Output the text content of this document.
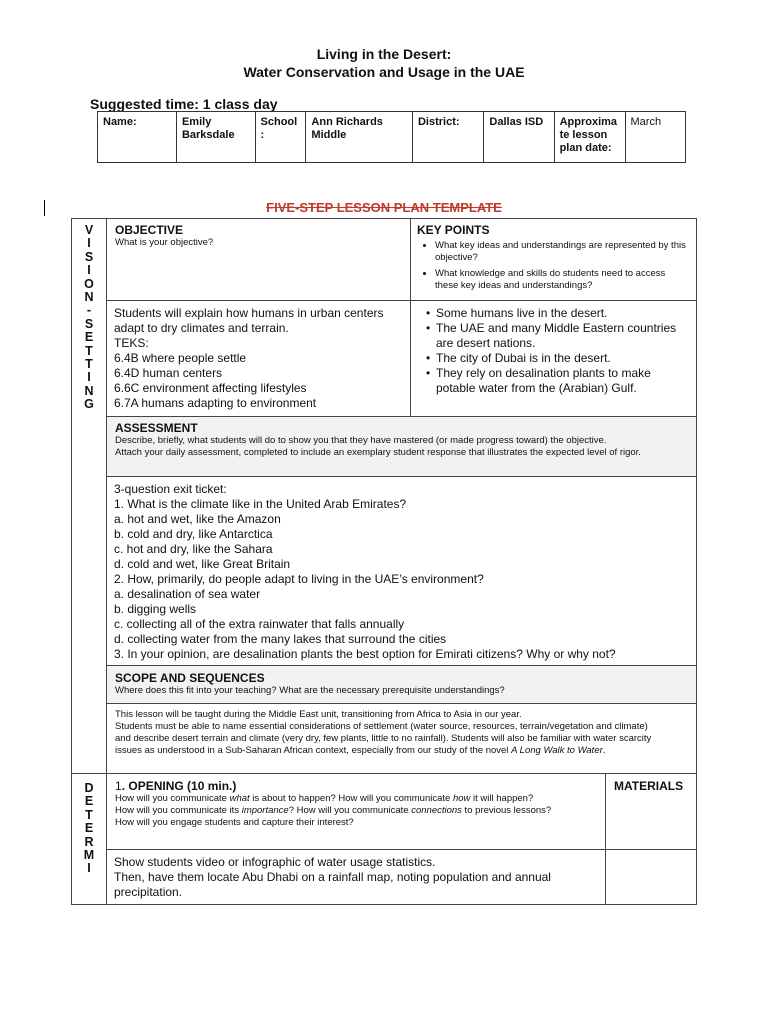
Living in the Desert:
Water Conservation and Usage in the UAE
Suggested time: 1 class day
Name:	Emily Barksdale	School :	Ann Richards Middle	District:	Dallas ISD	Approxima te lesson plan date:	March
FIVE-STEP LESSON PLAN TEMPLATE
V
I
S
I
O
N
-
S
E
T
T
I
N
G
D
E
T
E
R
M
I
OBJECTIVE
What is your objective?
KEY POINTS
• What key ideas and understandings are represented by this objective?
• What knowledge and skills do students need to access these key ideas and understandings?
Students will explain how humans in urban centers
adapt to dry climates and terrain.
TEKS:
6.4B where people settle
6.4D human centers
6.6C environment affecting lifestyles
6.7A humans adapting to environment
• Some humans live in the desert.
• The UAE and many Middle Eastern countries are desert nations.
• The city of Dubai is in the desert.
• They rely on desalination plants to make potable water from the (Arabian) Gulf.
ASSESSMENT
Describe, briefly, what students will do to show you that they have mastered (or made progress toward) the objective.
Attach your daily assessment, completed to include an exemplary student response that illustrates the expected level of rigor.
3-question exit ticket:
1. What is the climate like in the United Arab Emirates?
a. hot and wet, like the Amazon
b. cold and dry, like Antarctica
c. hot and dry, like the Sahara
d. cold and wet, like Great Britain
2. How, primarily, do people adapt to living in the UAE’s environment?
a. desalination of sea water
b. digging wells
c. collecting all of the extra rainwater that falls annually
d. collecting water from the many lakes that surround the cities
3. In your opinion, are desalination plants the best option for Emirati citizens? Why or why not?
SCOPE AND SEQUENCES
Where does this fit into your teaching? What are the necessary prerequisite understandings?
This lesson will be taught during the Middle East unit, transitioning from Africa to Asia in our year.
Students must be able to name essential considerations of settlement (water source, resources, terrain/vegetation and climate)
and describe desert terrain and climate (very dry, few plants, little to no rainfall). Students will also be familiar with water scarcity
issues as understood in a Sub-Saharan African context, especially from our study of the novel A Long Walk to Water.
1. OPENING (10 min.)
How will you communicate what is about to happen? How will you communicate how it will happen?
How will you communicate its importance? How will you communicate connections to previous lessons?
How will you engage students and capture their interest?
MATERIALS
Show students video or infographic of water usage statistics.
Then, have them locate Abu Dhabi on a rainfall map, noting population and annual
precipitation.
